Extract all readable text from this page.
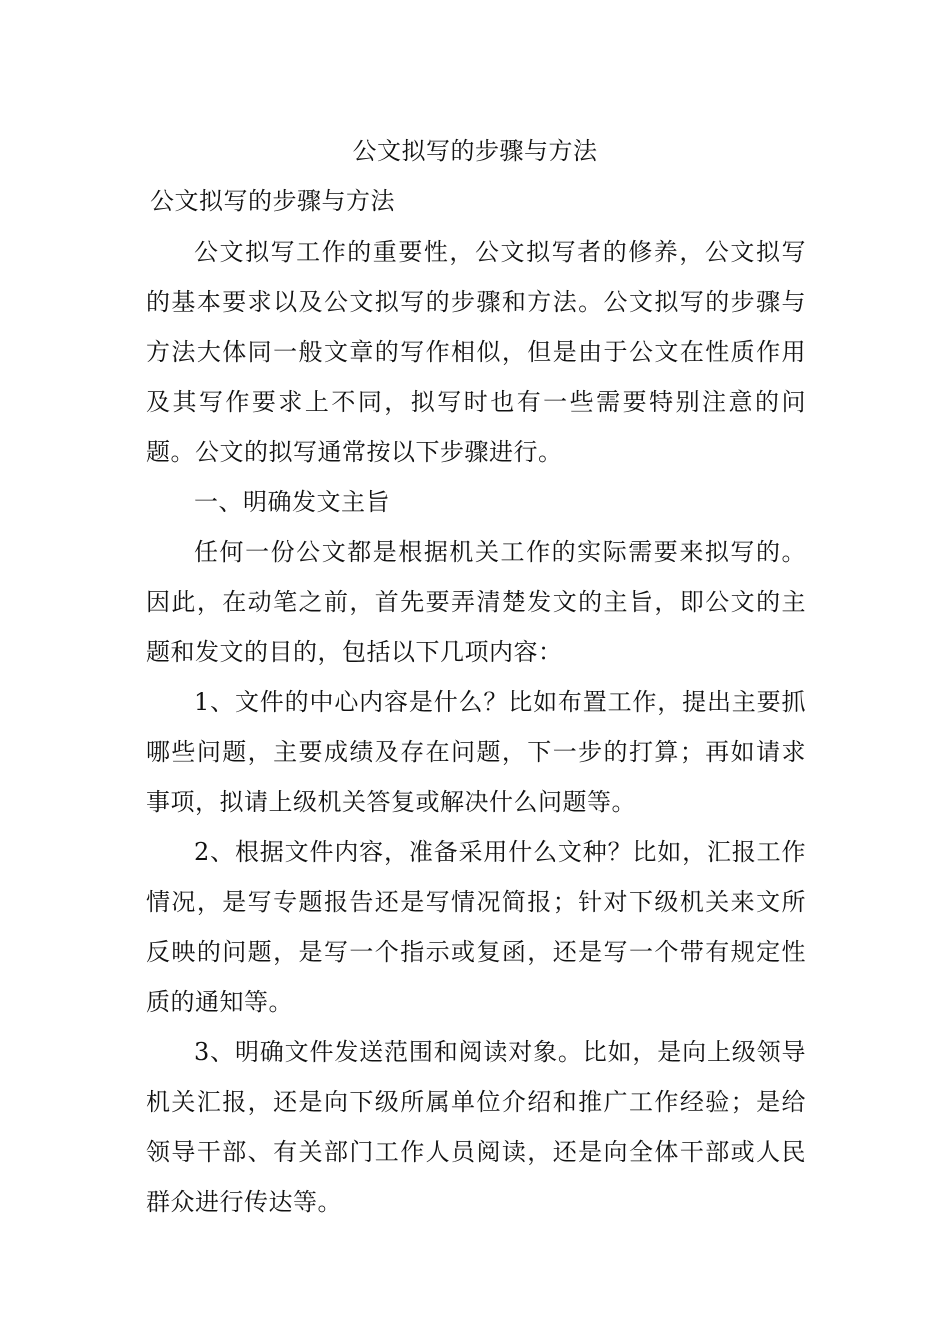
公文拟写的步骤与方法

公文拟写的步骤与方法

公文拟写工作的重要性，公文拟写者的修养，公文拟写的基本要求以及公文拟写的步骤和方法。公文拟写的步骤与方法大体同一般文章的写作相似，但是由于公文在性质作用及其写作要求上不同，拟写时也有一些需要特别注意的问题。公文的拟写通常按以下步骤进行。

一、明确发文主旨

任何一份公文都是根据机关工作的实际需要来拟写的。因此，在动笔之前，首先要弄清楚发文的主旨，即公文的主题和发文的目的，包括以下几项内容：

1、文件的中心内容是什么？比如布置工作，提出主要抓哪些问题，主要成绩及存在问题，下一步的打算；再如请求事项，拟请上级机关答复或解决什么问题等。

2、根据文件内容，准备采用什么文种？比如，汇报工作情况，是写专题报告还是写情况简报；针对下级机关来文所反映的问题，是写一个指示或复函，还是写一个带有规定性质的通知等。

3、明确文件发送范围和阅读对象。比如，是向上级领导机关汇报，还是向下级所属单位介绍和推广工作经验；是给领导干部、有关部门工作人员阅读，还是向全体干部或人民群众进行传达等。
